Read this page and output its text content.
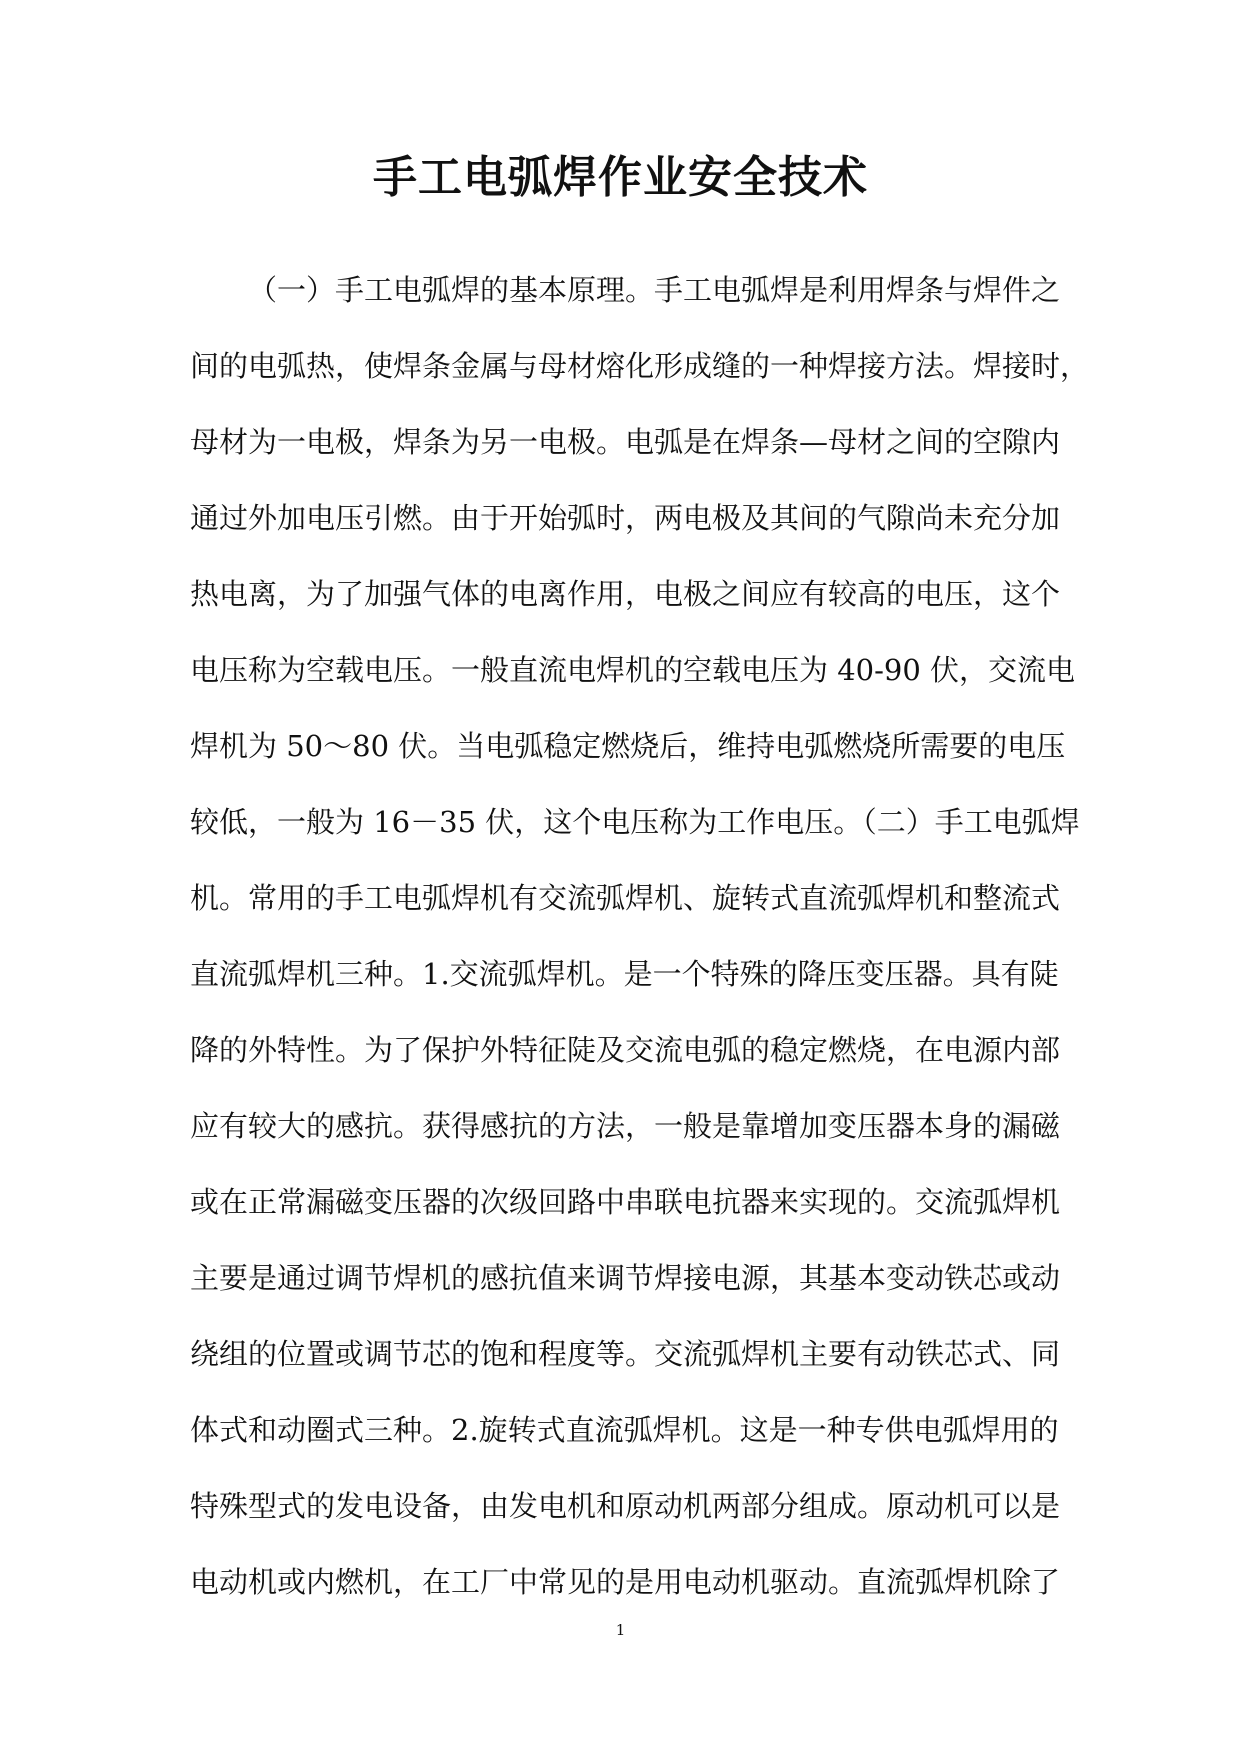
手工电弧焊作业安全技术
（一）手工电弧焊的基本原理。手工电弧焊是利用焊条与焊件之
间的电弧热，使焊条金属与母材熔化形成缝的一种焊接方法。焊接时，
母材为一电极，焊条为另一电极。电弧是在焊条—母材之间的空隙内
通过外加电压引燃。由于开始弧时，两电极及其间的气隙尚未充分加
热电离，为了加强气体的电离作用，电极之间应有较高的电压，这个
电压称为空载电压。一般直流电焊机的空载电压为 40-90 伏，交流电
焊机为 50～80 伏。当电弧稳定燃烧后，维持电弧燃烧所需要的电压
较低，一般为 16－35 伏，这个电压称为工作电压。（二）手工电弧焊
机。常用的手工电弧焊机有交流弧焊机、旋转式直流弧焊机和整流式
直流弧焊机三种。1.交流弧焊机。是一个特殊的降压变压器。具有陡
降的外特性。为了保护外特征陡及交流电弧的稳定燃烧，在电源内部
应有较大的感抗。获得感抗的方法，一般是靠增加变压器本身的漏磁
或在正常漏磁变压器的次级回路中串联电抗器来实现的。交流弧焊机
主要是通过调节焊机的感抗值来调节焊接电源，其基本变动铁芯或动
绕组的位置或调节芯的饱和程度等。交流弧焊机主要有动铁芯式、同
体式和动圈式三种。2.旋转式直流弧焊机。这是一种专供电弧焊用的
特殊型式的发电设备，由发电机和原动机两部分组成。原动机可以是
电动机或内燃机，在工厂中常见的是用电动机驱动。直流弧焊机除了
1
